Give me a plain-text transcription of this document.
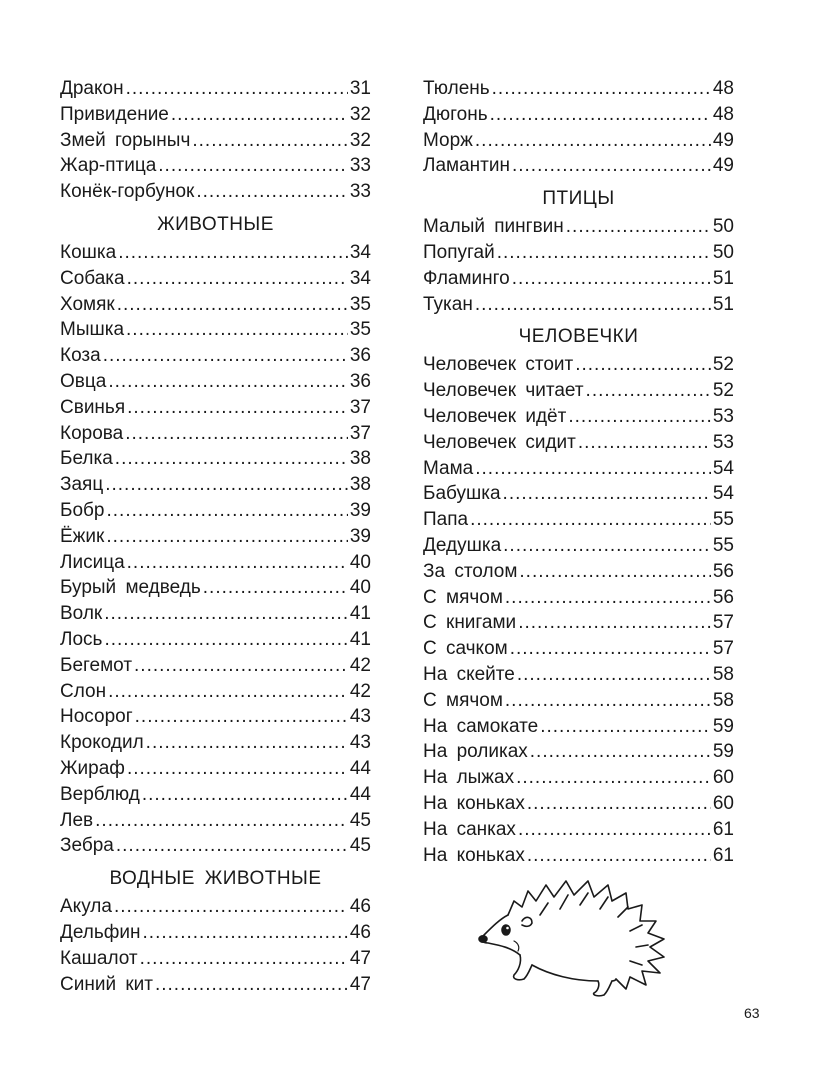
Дракон .....	31
Привидение .....	32
Змей горыныч .....	32
Жар-птица .....	33
Конёк-горбунок .....	33
ЖИВОТНЫЕ
Кошка .....	34
Собака .....	34
Хомяк .....	35
Мышка .....	35
Коза .....	36
Овца .....	36
Свинья .....	37
Корова .....	37
Белка .....	38
Заяц .....	38
Бобр .....	39
Ёжик .....	39
Лисица .....	40
Бурый медведь .....	40
Волк .....	41
Лось .....	41
Бегемот .....	42
Слон .....	42
Носорог .....	43
Крокодил .....	43
Жираф .....	44
Верблюд .....	44
Лев .....	45
Зебра .....	45
ВОДНЫЕ ЖИВОТНЫЕ
Акула .....	46
Дельфин .....	46
Кашалот .....	47
Синий кит .....	47
Тюлень .....	48
Дюгонь .....	48
Морж .....	49
Ламантин .....	49
ПТИЦЫ
Малый пингвин .....	50
Попугай .....	50
Фламинго .....	51
Тукан .....	51
ЧЕЛОВЕЧКИ
Человечек стоит .....	52
Человечек читает .....	52
Человечек идёт .....	53
Человечек сидит .....	53
Мама .....	54
Бабушка .....	54
Папа .....	55
Дедушка .....	55
За столом .....	56
С мячом .....	56
С книгами .....	57
С сачком .....	57
На скейте .....	58
С мячом .....	58
На самокате .....	59
На роликах .....	59
На лыжах .....	60
На коньках .....	60
На санках .....	61
На коньках .....	61
63
